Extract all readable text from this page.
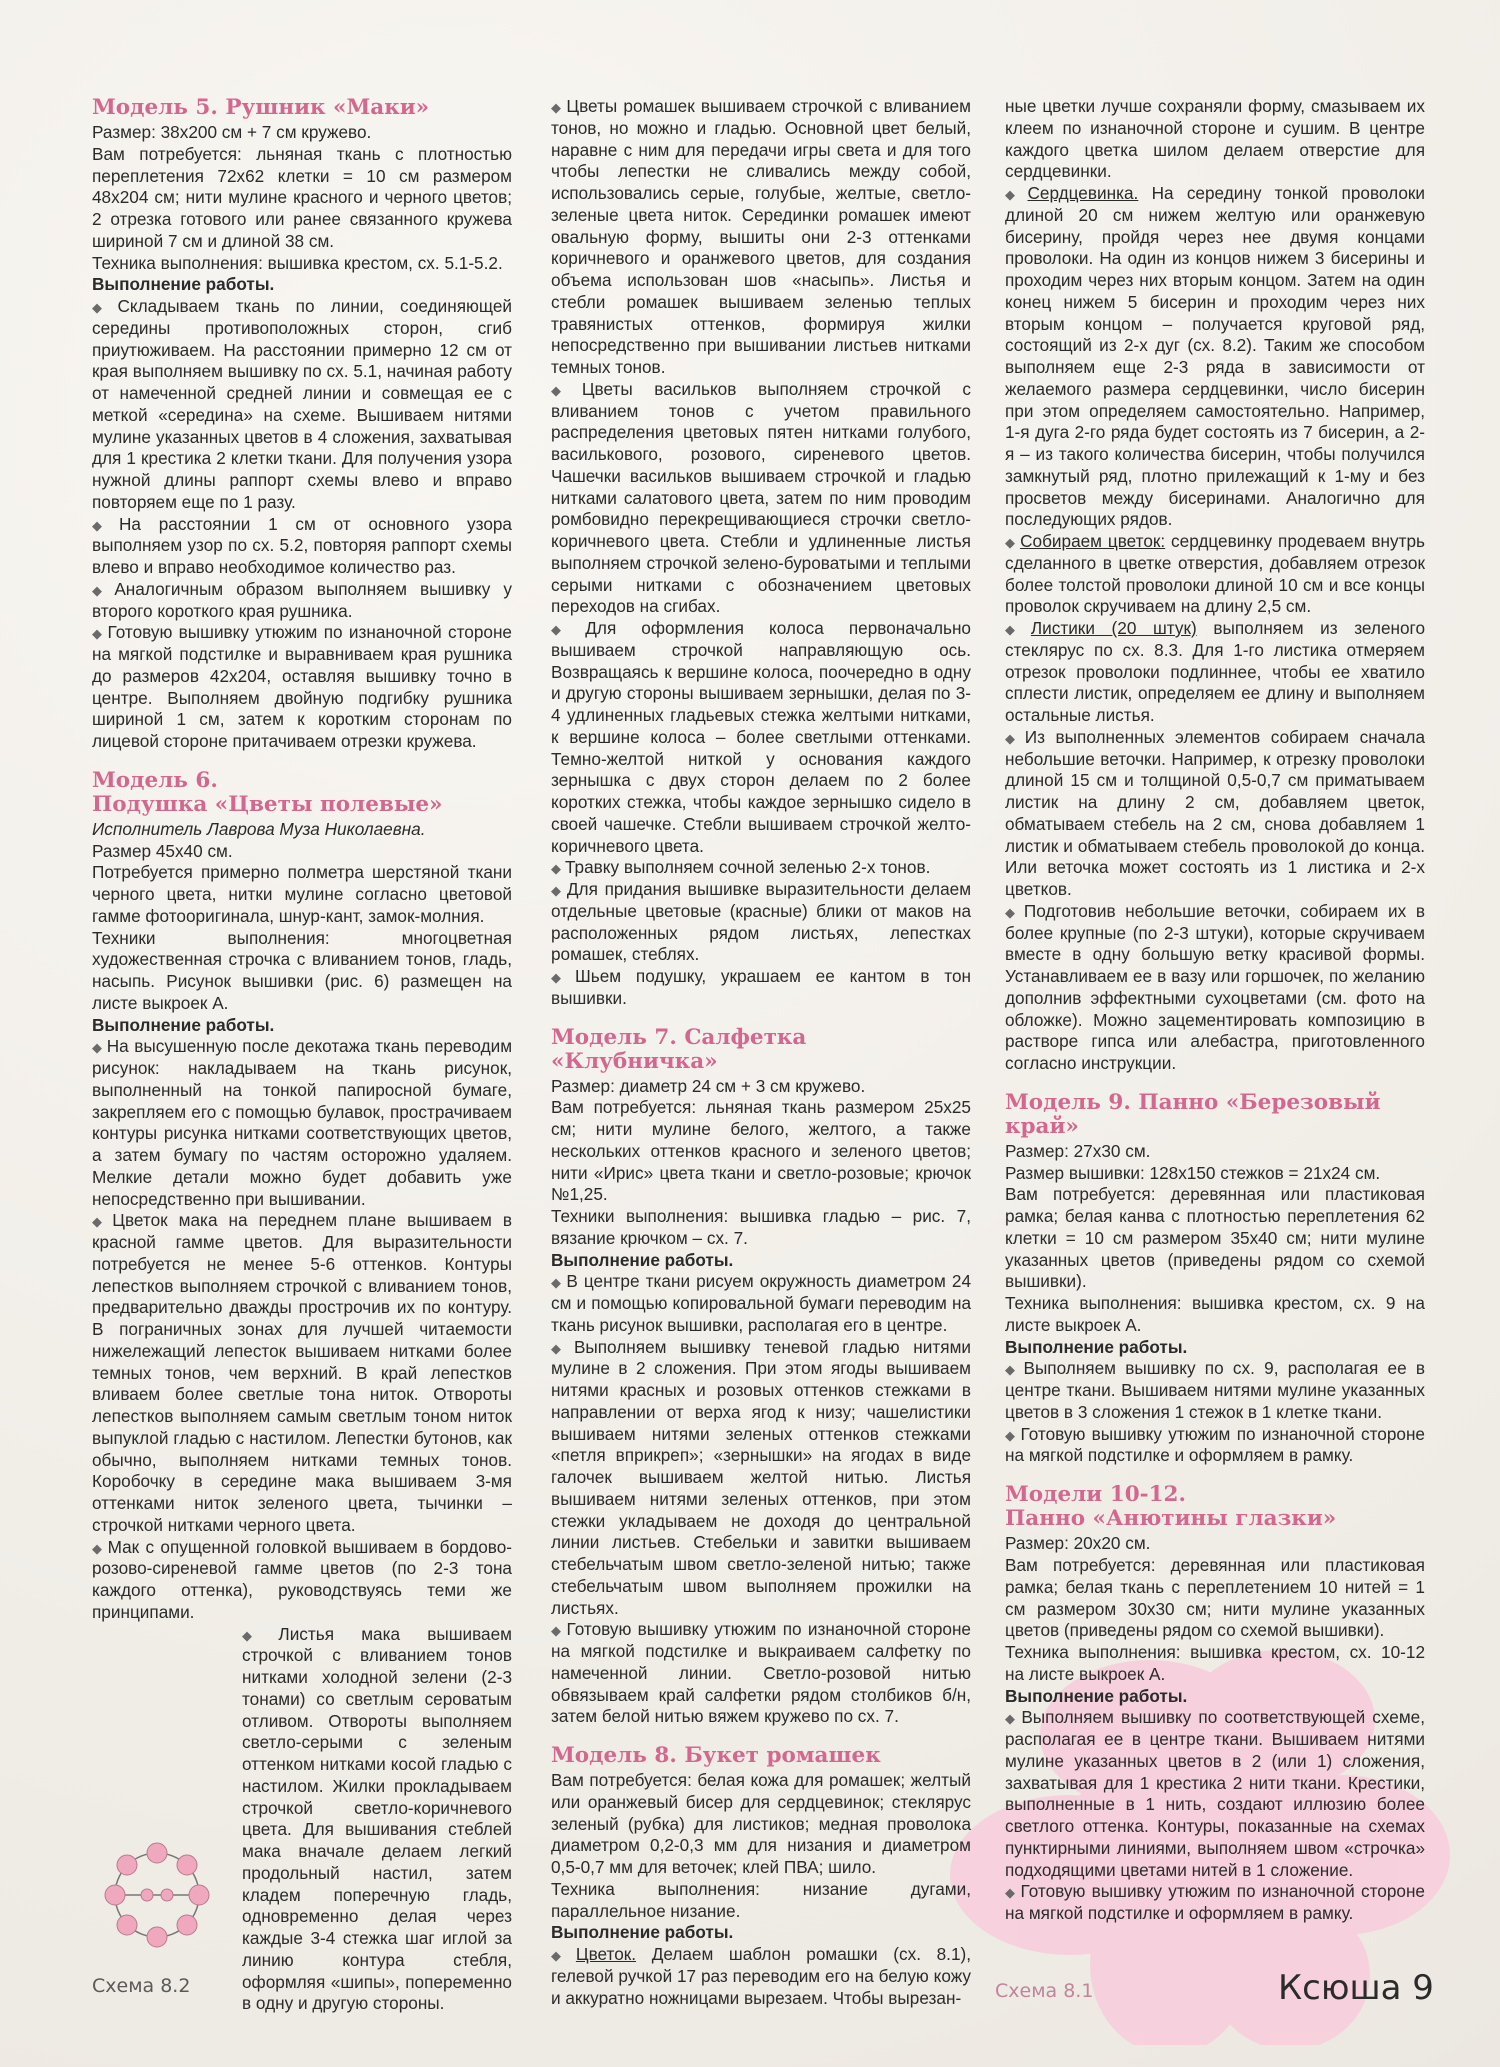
Модель 5. Рушник «Маки»

Размер: 38x200 см + 7 см кружево.

Вам потребуется: льняная ткань с плотностью переплетения 72x62 клетки = 10 см размером 48x204 см; нити мулине красного и черного цветов; 2 отрезка готового или ранее связанного кружева шириной 7 см и длиной 38 см.

Техника выполнения: вышивка крестом, сх. 5.1-5.2.

Выполнение работы.

◆ Складываем ткань по линии, соединяющей середины противоположных сторон, сгиб приутюживаем. На расстоянии примерно 12 см от края выполняем вышивку по сх. 5.1, начиная работу от намеченной средней линии и совмещая ее с меткой «середина» на схеме. Вышиваем нитями мулине указанных цветов в 4 сложения, захватывая для 1 крестика 2 клетки ткани. Для получения узора нужной длины раппорт схемы влево и вправо повторяем еще по 1 разу.

◆ На расстоянии 1 см от основного узора выполняем узор по сх. 5.2, повторяя раппорт схемы влево и вправо необходимое количество раз.

◆ Аналогичным образом выполняем вышивку у второго короткого края рушника.

◆ Готовую вышивку утюжим по изнаночной стороне на мягкой подстилке и выравниваем края рушника до размеров 42x204, оставляя вышивку точно в центре. Выполняем двойную подгибку рушника шириной 1 см, затем к коротким сторонам по лицевой стороне притачиваем отрезки кружева.

Модель 6.
Подушка «Цветы полевые»

Исполнитель Лаврова Муза Николаевна.

Размер 45x40 см.

Потребуется примерно полметра шерстяной ткани черного цвета, нитки мулине согласно цветовой гамме фотооригинала, шнур-кант, замок-молния.

Техники выполнения: многоцветная художественная строчка с вливанием тонов, гладь, насыпь. Рисунок вышивки (рис. 6) размещен на листе выкроек А.

Выполнение работы.

◆ На высушенную после декотажа ткань переводим рисунок: накладываем на ткань рисунок, выполненный на тонкой папиросной бумаге, закрепляем его с помощью булавок, прострачиваем контуры рисунка нитками соответствующих цветов, а затем бумагу по частям осторожно удаляем. Мелкие детали можно будет добавить уже непосредственно при вышивании.

◆ Цветок мака на переднем плане вышиваем в красной гамме цветов. Для выразительности потребуется не менее 5-6 оттенков. Контуры лепестков выполняем строчкой с вливанием тонов, предварительно дважды прострочив их по контуру. В пограничных зонах для лучшей читаемости нижележащий лепесток вышиваем нитками более темных тонов, чем верхний. В край лепестков вливаем более светлые тона ниток. Отвороты лепестков выполняем самым светлым тоном ниток выпуклой гладью с настилом. Лепестки бутонов, как обычно, выполняем нитками темных тонов. Коробочку в середине мака вышиваем 3-мя оттенками ниток зеленого цвета, тычинки – строчкой нитками черного цвета.

◆ Мак с опущенной головкой вышиваем в бордово-розово-сиреневой гамме цветов (по 2-3 тона каждого оттенка), руководствуясь теми же принципами.

◆ Листья мака вышиваем строчкой с вливанием тонов нитками холодной зелени (2-3 тонами) со светлым сероватым отливом. Отвороты выполняем светло-серыми с зеленым оттенком нитками косой гладью с настилом. Жилки прокладываем строчкой светло-коричневого цвета. Для вышивания стеблей мака вначале делаем легкий продольный настил, затем кладем поперечную гладь, одновременно делая через каждые 3-4 стежка шаг иглой за линию контура стебля, оформляя «шипы», попеременно в одну и другую стороны.

◆ Цветы ромашек вышиваем строчкой с вливанием тонов, но можно и гладью. Основной цвет белый, наравне с ним для передачи игры света и для того чтобы лепестки не сливались между собой, использовались серые, голубые, желтые, светло-зеленые цвета ниток. Серединки ромашек имеют овальную форму, вышиты они 2-3 оттенками коричневого и оранжевого цветов, для создания объема использован шов «насыпь». Листья и стебли ромашек вышиваем зеленью теплых травянистых оттенков, формируя жилки непосредственно при вышивании листьев нитками темных тонов.

◆ Цветы васильков выполняем строчкой с вливанием тонов с учетом правильного распределения цветовых пятен нитками голубого, василькового, розового, сиреневого цветов. Чашечки васильков вышиваем строчкой и гладью нитками салатового цвета, затем по ним проводим ромбовидно перекрещивающиеся строчки светло-коричневого цвета. Стебли и удлиненные листья выполняем строчкой зелено-буроватыми и теплыми серыми нитками с обозначением цветовых переходов на сгибах.

◆ Для оформления колоса первоначально вышиваем строчкой направляющую ось. Возвращаясь к вершине колоса, поочередно в одну и другую стороны вышиваем зернышки, делая по 3-4 удлиненных гладьевых стежка желтыми нитками, к вершине колоса – более светлыми оттенками. Темно-желтой ниткой у основания каждого зернышка с двух сторон делаем по 2 более коротких стежка, чтобы каждое зернышко сидело в своей чашечке. Стебли вышиваем строчкой желто-коричневого цвета.

◆ Травку выполняем сочной зеленью 2-х тонов.

◆ Для придания вышивке выразительности делаем отдельные цветовые (красные) блики от маков на расположенных рядом листьях, лепестках ромашек, стеблях.

◆ Шьем подушку, украшаем ее кантом в тон вышивки.

Модель 7. Салфетка «Клубничка»

Размер: диаметр 24 см + 3 см кружево.

Вам потребуется: льняная ткань размером 25x25 см; нити мулине белого, желтого, а также нескольких оттенков красного и зеленого цветов; нити «Ирис» цвета ткани и светло-розовые; крючок №1,25.

Техники выполнения: вышивка гладью – рис. 7, вязание крючком – сх. 7.

Выполнение работы.

◆ В центре ткани рисуем окружность диаметром 24 см и помощью копировальной бумаги переводим на ткань рисунок вышивки, располагая его в центре.

◆ Выполняем вышивку теневой гладью нитями мулине в 2 сложения. При этом ягоды вышиваем нитями красных и розовых оттенков стежками в направлении от верха ягод к низу; чашелистики вышиваем нитями зеленых оттенков стежками «петля вприкреп»; «зернышки» на ягодах в виде галочек вышиваем желтой нитью. Листья вышиваем нитями зеленых оттенков, при этом стежки укладываем не доходя до центральной линии листьев. Стебельки и завитки вышиваем стебельчатым швом светло-зеленой нитью; также стебельчатым швом выполняем прожилки на листьях.

◆ Готовую вышивку утюжим по изнаночной стороне на мягкой подстилке и выкраиваем салфетку по намеченной линии. Светло-розовой нитью обвязываем край салфетки рядом столбиков б/н, затем белой нитью вяжем кружево по сх. 7.

Модель 8. Букет ромашек

Вам потребуется: белая кожа для ромашек; желтый или оранжевый бисер для сердцевинок; стеклярус зеленый (рубка) для листиков; медная проволока диаметром 0,2-0,3 мм для низания и диаметром 0,5-0,7 мм для веточек; клей ПВА; шило.

Техника выполнения: низание дугами, параллельное низание.

Выполнение работы.

◆ Цветок. Делаем шаблон ромашки (сх. 8.1), гелевой ручкой 17 раз переводим его на белую кожу и аккуратно ножницами вырезаем. Чтобы вырезан-

ные цветки лучше сохраняли форму, смазываем их клеем по изнаночной стороне и сушим. В центре каждого цветка шилом делаем отверстие для сердцевинки.

◆ Сердцевинка. На середину тонкой проволоки длиной 20 см нижем желтую или оранжевую бисерину, пройдя через нее двумя концами проволоки. На один из концов нижем 3 бисерины и проходим через них вторым концом. Затем на один конец нижем 5 бисерин и проходим через них вторым концом – получается круговой ряд, состоящий из 2-х дуг (сх. 8.2). Таким же способом выполняем еще 2-3 ряда в зависимости от желаемого размера сердцевинки, число бисерин при этом определяем самостоятельно. Например, 1-я дуга 2-го ряда будет состоять из 7 бисерин, а 2-я – из такого количества бисерин, чтобы получился замкнутый ряд, плотно прилежащий к 1-му и без просветов между бисеринами. Аналогично для последующих рядов.

◆ Собираем цветок: сердцевинку продеваем внутрь сделанного в цветке отверстия, добавляем отрезок более толстой проволоки длиной 10 см и все концы проволок скручиваем на длину 2,5 см.

◆ Листики (20 штук) выполняем из зеленого стеклярус по сх. 8.3. Для 1-го листика отмеряем отрезок проволоки подлиннее, чтобы ее хватило сплести листик, определяем ее длину и выполняем остальные листья.

◆ Из выполненных элементов собираем сначала небольшие веточки. Например, к отрезку проволоки длиной 15 см и толщиной 0,5-0,7 см приматываем листик на длину 2 см, добавляем цветок, обматываем стебель на 2 см, снова добавляем 1 листик и обматываем стебель проволокой до конца. Или веточка может состоять из 1 листика и 2-х цветков.

◆ Подготовив небольшие веточки, собираем их в более крупные (по 2-3 штуки), которые скручиваем вместе в одну большую ветку красивой формы. Устанавливаем ее в вазу или горшочек, по желанию дополнив эффектными сухоцветами (см. фото на обложке). Можно зацементировать композицию в растворе гипса или алебастра, приготовленного согласно инструкции.

Модель 9. Панно «Березовый край»

Размер: 27x30 см.

Размер вышивки: 128x150 стежков = 21x24 см.

Вам потребуется: деревянная или пластиковая рамка; белая канва с плотностью переплетения 62 клетки = 10 см размером 35x40 см; нити мулине указанных цветов (приведены рядом со схемой вышивки).

Техника выполнения: вышивка крестом, сх. 9 на листе выкроек А.

Выполнение работы.

◆ Выполняем вышивку по сх. 9, располагая ее в центре ткани. Вышиваем нитями мулине указанных цветов в 3 сложения 1 стежок в 1 клетке ткани.

◆ Готовую вышивку утюжим по изнаночной стороне на мягкой подстилке и оформляем в рамку.

Модели 10-12.
Панно «Анютины глазки»

Размер: 20x20 см.

Вам потребуется: деревянная или пластиковая рамка; белая ткань с переплетением 10 нитей = 1 см размером 30x30 см; нити мулине указанных цветов (приведены рядом со схемой вышивки).

Техника выполнения: вышивка крестом, сх. 10-12 на листе выкроек А.

Выполнение работы.

◆ Выполняем вышивку по соответствующей схеме, располагая ее в центре ткани. Вышиваем нитями мулине указанных цветов в 2 (или 1) сложения, захватывая для 1 крестика 2 нити ткани. Крестики, выполненные в 1 нить, создают иллюзию более светлого оттенка. Контуры, показанные на схемах пунктирными линиями, выполняем швом «строчка» подходящими цветами нитей в 1 сложение.

◆ Готовую вышивку утюжим по изнаночной стороне на мягкой подстилке и оформляем в рамку.

Схема 8.2	Схема 8.1	Ксюша 9
